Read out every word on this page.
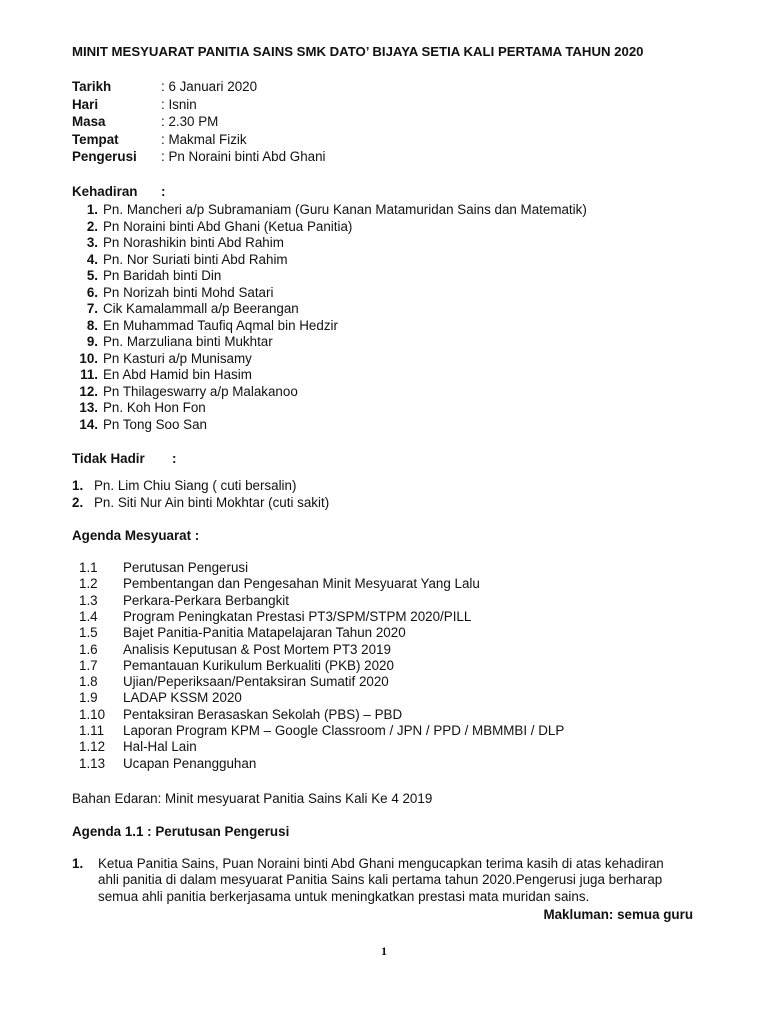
MINIT MESYUARAT PANITIA SAINS SMK DATO’ BIJAYA SETIA KALI PERTAMA TAHUN 2020
Tarikh	: 6 Januari 2020
Hari	: Isnin
Masa	: 2.30 PM
Tempat	: Makmal Fizik
Pengerusi : Pn Noraini binti Abd Ghani
Kehadiran :
1. Pn. Mancheri a/p Subramaniam (Guru Kanan Matamuridan Sains dan Matematik)
2. Pn Noraini binti Abd Ghani (Ketua Panitia)
3. Pn Norashikin binti Abd Rahim
4. Pn. Nor Suriati binti Abd Rahim
5. Pn Baridah binti Din
6. Pn Norizah binti Mohd Satari
7. Cik Kamalammall a/p Beerangan
8. En Muhammad Taufiq Aqmal bin Hedzir
9. Pn. Marzuliana binti Mukhtar
10. Pn Kasturi a/p Munisamy
11. En Abd Hamid bin Hasim
12. Pn Thilageswarry a/p Malakanoo
13. Pn. Koh Hon Fon
14. Pn Tong Soo San
Tidak Hadir :
1. Pn. Lim Chiu Siang ( cuti bersalin)
2. Pn. Siti Nur Ain binti Mokhtar (cuti sakit)
Agenda Mesyuarat :
1.1 Perutusan Pengerusi
1.2 Pembentangan dan Pengesahan Minit Mesyuarat Yang Lalu
1.3 Perkara-Perkara Berbangkit
1.4 Program Peningkatan Prestasi PT3/SPM/STPM 2020/PILL
1.5 Bajet Panitia-Panitia Matapelajaran Tahun 2020
1.6 Analisis Keputusan & Post Mortem PT3 2019
1.7 Pemantauan Kurikulum Berkualiti (PKB) 2020
1.8 Ujian/Peperiksaan/Pentaksiran Sumatif 2020
1.9 LADAP KSSM 2020
1.10 Pentaksiran Berasaskan Sekolah (PBS) – PBD
1.11 Laporan Program KPM – Google Classroom / JPN / PPD / MBMMBI / DLP
1.12 Hal-Hal Lain
1.13 Ucapan Penangguhan
Bahan Edaran: Minit mesyuarat Panitia Sains Kali Ke 4 2019
Agenda 1.1 : Perutusan Pengerusi
1. Ketua Panitia Sains, Puan Noraini binti Abd Ghani mengucapkan terima kasih di atas kehadiran
ahli panitia di dalam mesyuarat Panitia Sains kali pertama tahun 2020.Pengerusi juga berharap
semua ahli panitia berkerjasama untuk meningkatkan prestasi mata muridan sains.
Makluman: semua guru
1
